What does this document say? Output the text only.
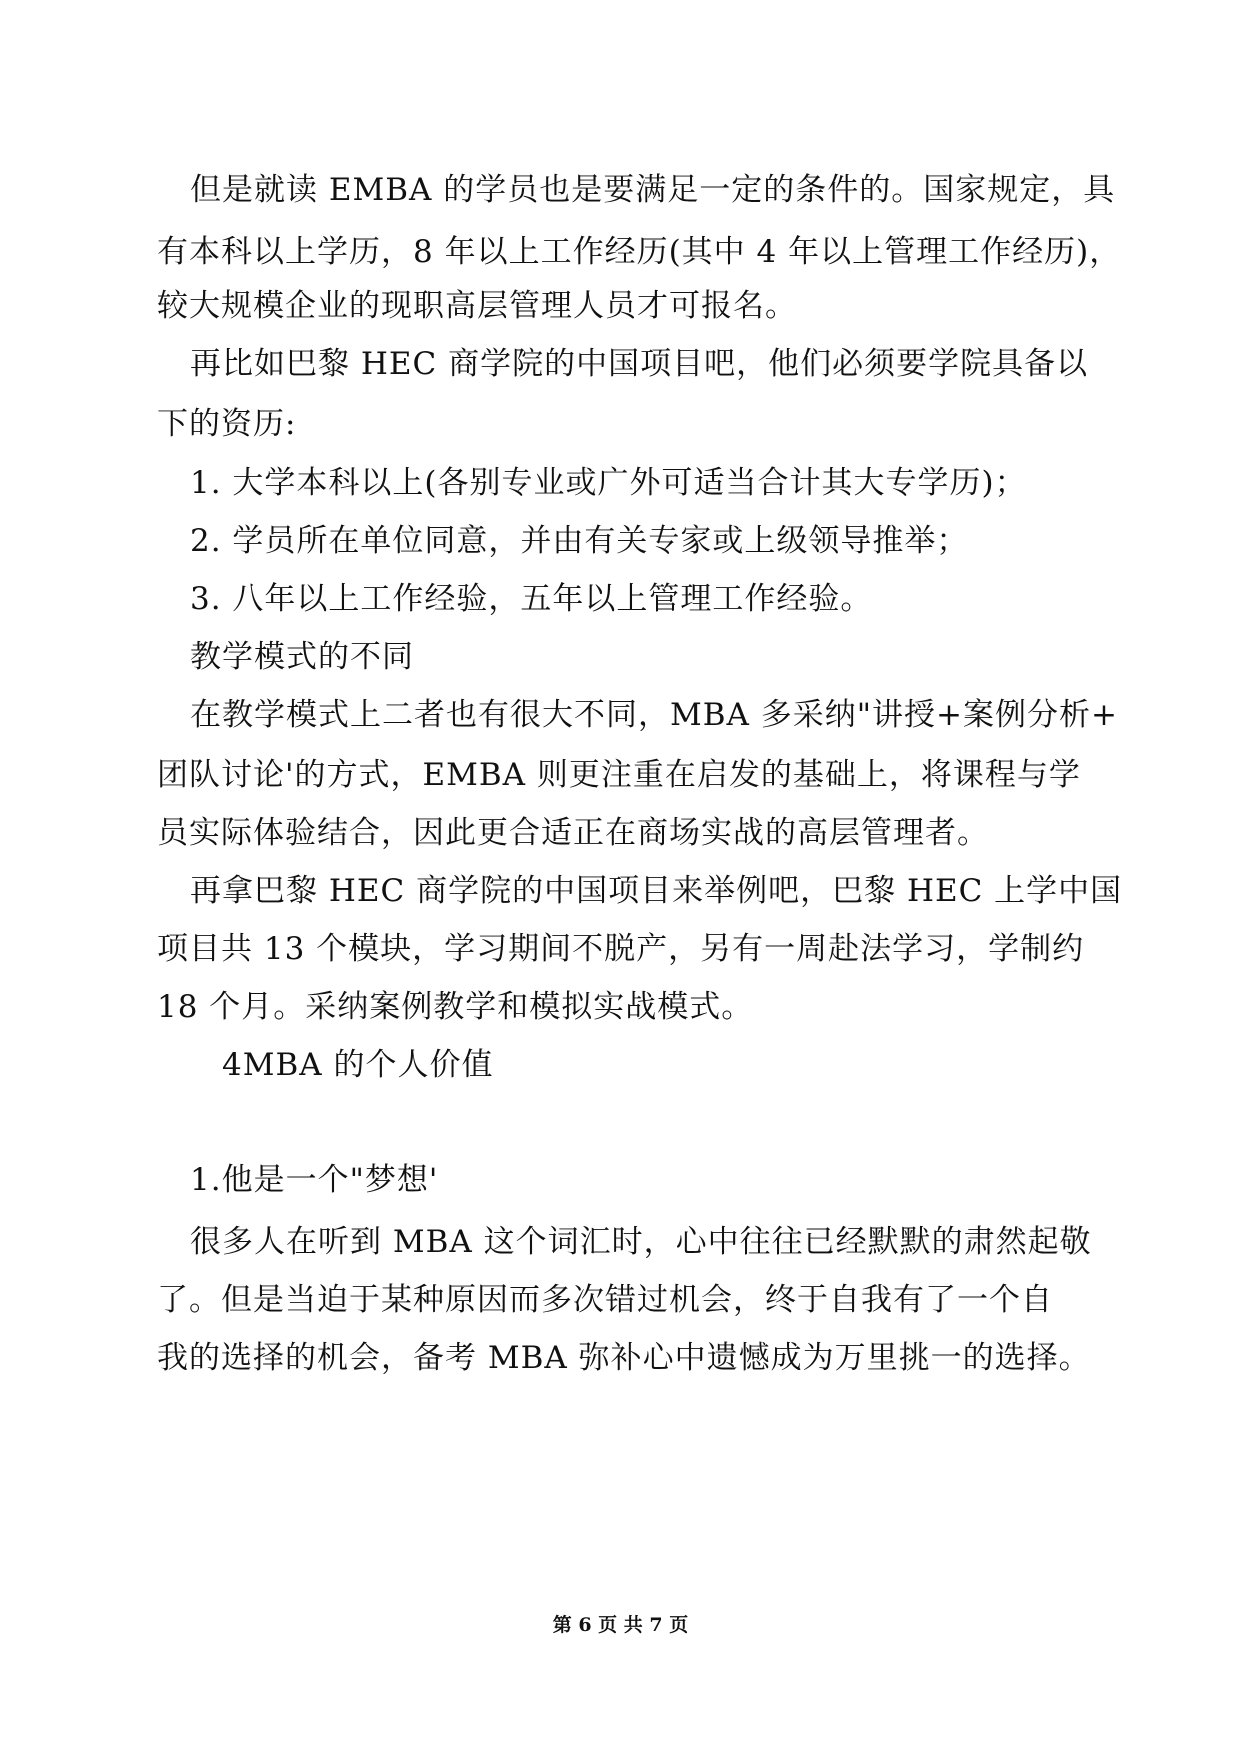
但是就读 EMBA 的学员也是要满足一定的条件的。国家规定，具
有本科以上学历，8 年以上工作经历(其中 4 年以上管理工作经历)，
较大规模企业的现职高层管理人员才可报名。
再比如巴黎 HEC 商学院的中国项目吧，他们必须要学院具备以
下的资历:
1. 大学本科以上(各别专业或广外可适当合计其大专学历)；
2. 学员所在单位同意，并由有关专家或上级领导推举；
3. 八年以上工作经验，五年以上管理工作经验。
教学模式的不同
在教学模式上二者也有很大不同，MBA 多采纳"讲授+案例分析+
团队讨论'的方式，EMBA 则更注重在启发的基础上，将课程与学
员实际体验结合，因此更合适正在商场实战的高层管理者。
再拿巴黎 HEC 商学院的中国项目来举例吧，巴黎 HEC 上学中国
项目共 13 个模块，学习期间不脱产，另有一周赴法学习，学制约
18 个月。采纳案例教学和模拟实战模式。
4MBA 的个人价值
1.他是一个"梦想'
很多人在听到 MBA 这个词汇时，心中往往已经默默的肃然起敬
了。但是当迫于某种原因而多次错过机会，终于自我有了一个自
我的选择的机会，备考 MBA 弥补心中遗憾成为万里挑一的选择。
第 6 页 共 7 页
